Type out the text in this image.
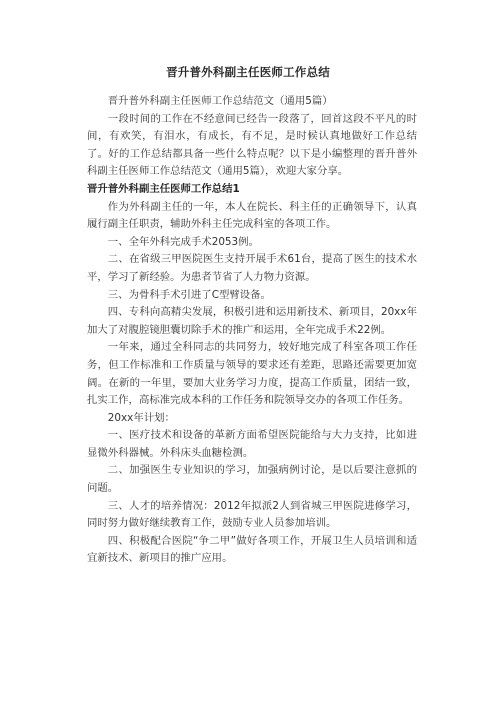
晋升普外科副主任医师工作总结

晋升普外科副主任医师工作总结范文（通用5篇）

一段时间的工作在不经意间已经告一段落了，回首这段不平凡的时间，有欢笑，有泪水，有成长，有不足，是时候认真地做好工作总结了。好的工作总结都具备一些什么特点呢？以下是小编整理的晋升普外科副主任医师工作总结范文（通用5篇），欢迎大家分享。

晋升普外科副主任医师工作总结1

作为外科副主任的一年，本人在院长、科主任的正确领导下，认真履行副主任职责，辅助外科主任完成科室的各项工作。

一、全年外科完成手术2053例。

二、在省级三甲医院医生支持开展手术61台，提高了医生的技术水平，学习了新经验。为患者节省了人力物力资源。

三、为骨科手术引进了C型臂设备。

四、专科向高精尖发展，积极引进和运用新技术、新项目，20xx年加大了对腹腔镜胆囊切除手术的推广和运用，全年完成手术22例。

一年来，通过全科同志的共同努力，较好地完成了科室各项工作任务，但工作标准和工作质量与领导的要求还有差距，思路还需要更加宽阔。在新的一年里，要加大业务学习力度，提高工作质量，团结一致，扎实工作，高标准完成本科的工作任务和院领导交办的各项工作任务。

20xx年计划：

一、医疗技术和设备的革新方面希望医院能给与大力支持，比如进显微外科器械。外科床头血糖检测。

二、加强医生专业知识的学习，加强病例讨论，是以后要注意抓的问题。

三、人才的培养情况：2012年拟派2人到省城三甲医院进修学习，同时努力做好继续教育工作，鼓励专业人员参加培训。

四、积极配合医院“争二甲”做好各项工作，开展卫生人员培训和适宜新技术、新项目的推广应用。
